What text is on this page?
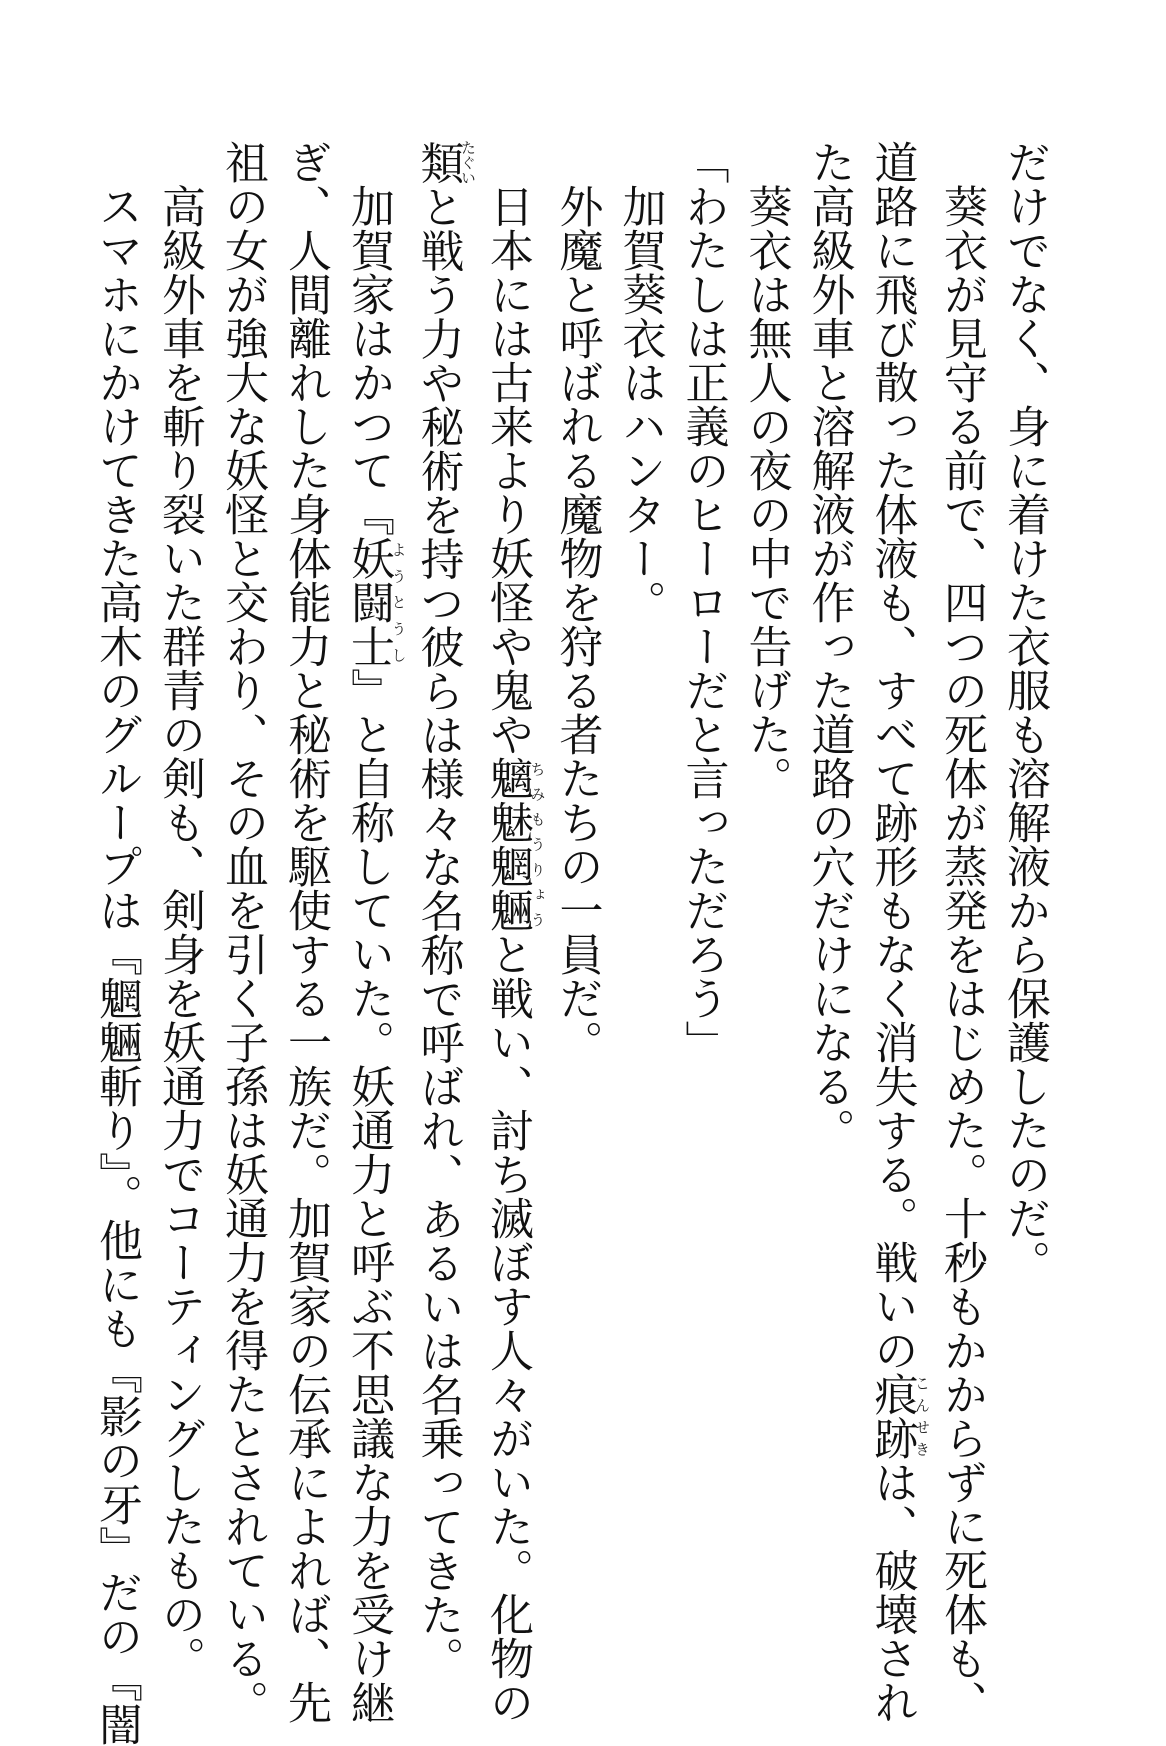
だけでなく、身に着けた衣服も溶解液から保護したのだ。

葵衣が見守る前で、四つの死体が蒸発をはじめた。十秒もかからずに死体も、

道路に飛び散った体液も、すべて跡形もなく消失する。戦いの痕跡こんせきは、破壊され

た高級外車と溶解液が作った道路の穴だけになる。

葵衣は無人の夜の中で告げた。

「わたしは正義のヒーローだと言っただろう」

加賀葵衣はハンター。

外魔と呼ばれる魔物を狩る者たちの一員だ。

日本には古来より妖怪や鬼や魑魅魍魎ちみもうりょうと戦い、討ち滅ぼす人々がいた。化物の

類たぐいと戦う力や秘術を持つ彼らは様々な名称で呼ばれ、あるいは名乗ってきた。

加賀家はかつて『妖闘士ようとうし』と自称していた。妖通力と呼ぶ不思議な力を受け継

ぎ、人間離れした身体能力と秘術を駆使する一族だ。加賀家の伝承によれば、先

祖の女が強大な妖怪と交わり、その血を引く子孫は妖通力を得たとされている。

高級外車を斬り裂いた群青の剣も、剣身を妖通力でコーティングしたもの。

スマホにかけてきた高木のグループは『魍魎斬り』。他にも『影の牙』だの『闇
